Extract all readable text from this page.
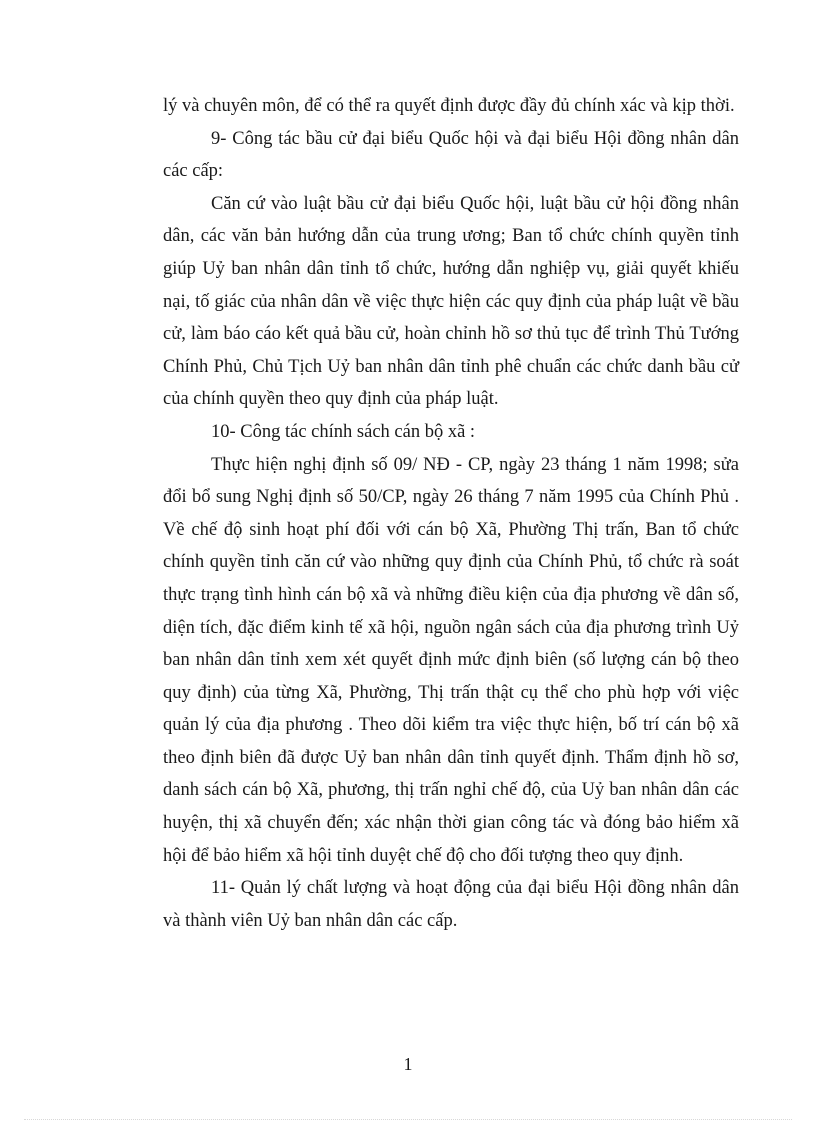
lý và chuyên môn, để có thể ra quyết định được đầy đủ chính xác và kịp thời.

9- Công tác bầu cử đại biểu Quốc hội và đại biểu Hội đồng nhân dân các cấp:

Căn cứ vào luật bầu cử đại biểu Quốc hội, luật bầu cử hội đồng nhân dân, các văn bản hướng dẫn của trung ương; Ban tổ chức chính quyền tỉnh giúp Uỷ ban nhân dân tỉnh tổ chức, hướng dẫn nghiệp vụ, giải quyết khiếu nại, tố giác của nhân dân về việc thực hiện các quy định của pháp luật về bầu cử, làm báo cáo kết quả bầu cử, hoàn chỉnh hồ sơ thủ tục để trình Thủ Tướng Chính Phủ, Chủ Tịch Uỷ ban nhân dân tỉnh phê chuẩn các chức danh bầu cử của chính quyền theo quy định của pháp luật.

10- Công tác chính sách cán bộ xã :

Thực hiện nghị định số 09/ NĐ - CP, ngày 23 tháng 1 năm 1998; sửa đổi bổ sung Nghị định số 50/CP, ngày 26 tháng 7 năm 1995 của Chính Phủ . Về chế độ sinh hoạt phí đối với cán bộ Xã, Phường Thị trấn, Ban tổ chức chính quyền tỉnh căn cứ vào những quy định của Chính Phủ, tổ chức rà soát thực trạng tình hình cán bộ xã và những điều kiện của địa phương về dân số, diện tích, đặc điểm kinh tế xã hội, nguồn ngân sách của địa phương trình Uỷ ban nhân dân tỉnh xem xét quyết định mức định biên (số lượng cán bộ theo quy định) của từng Xã, Phường, Thị trấn thật cụ thể cho phù hợp với việc quản lý của địa phương . Theo dõi kiểm tra việc thực hiện, bố trí cán bộ xã theo định biên đã được Uỷ ban nhân dân tỉnh quyết định. Thẩm định hồ sơ, danh sách cán bộ Xã, phương, thị trấn nghỉ chế độ, của Uỷ ban nhân dân các huyện, thị xã chuyển đến; xác nhận thời gian công tác và đóng bảo hiểm xã hội để bảo hiểm xã hội tỉnh duyệt chế độ cho đối tượng theo quy định.

11- Quản lý chất lượng và hoạt động của đại biểu Hội đồng nhân dân và thành viên Uỷ ban nhân dân các cấp.

1
